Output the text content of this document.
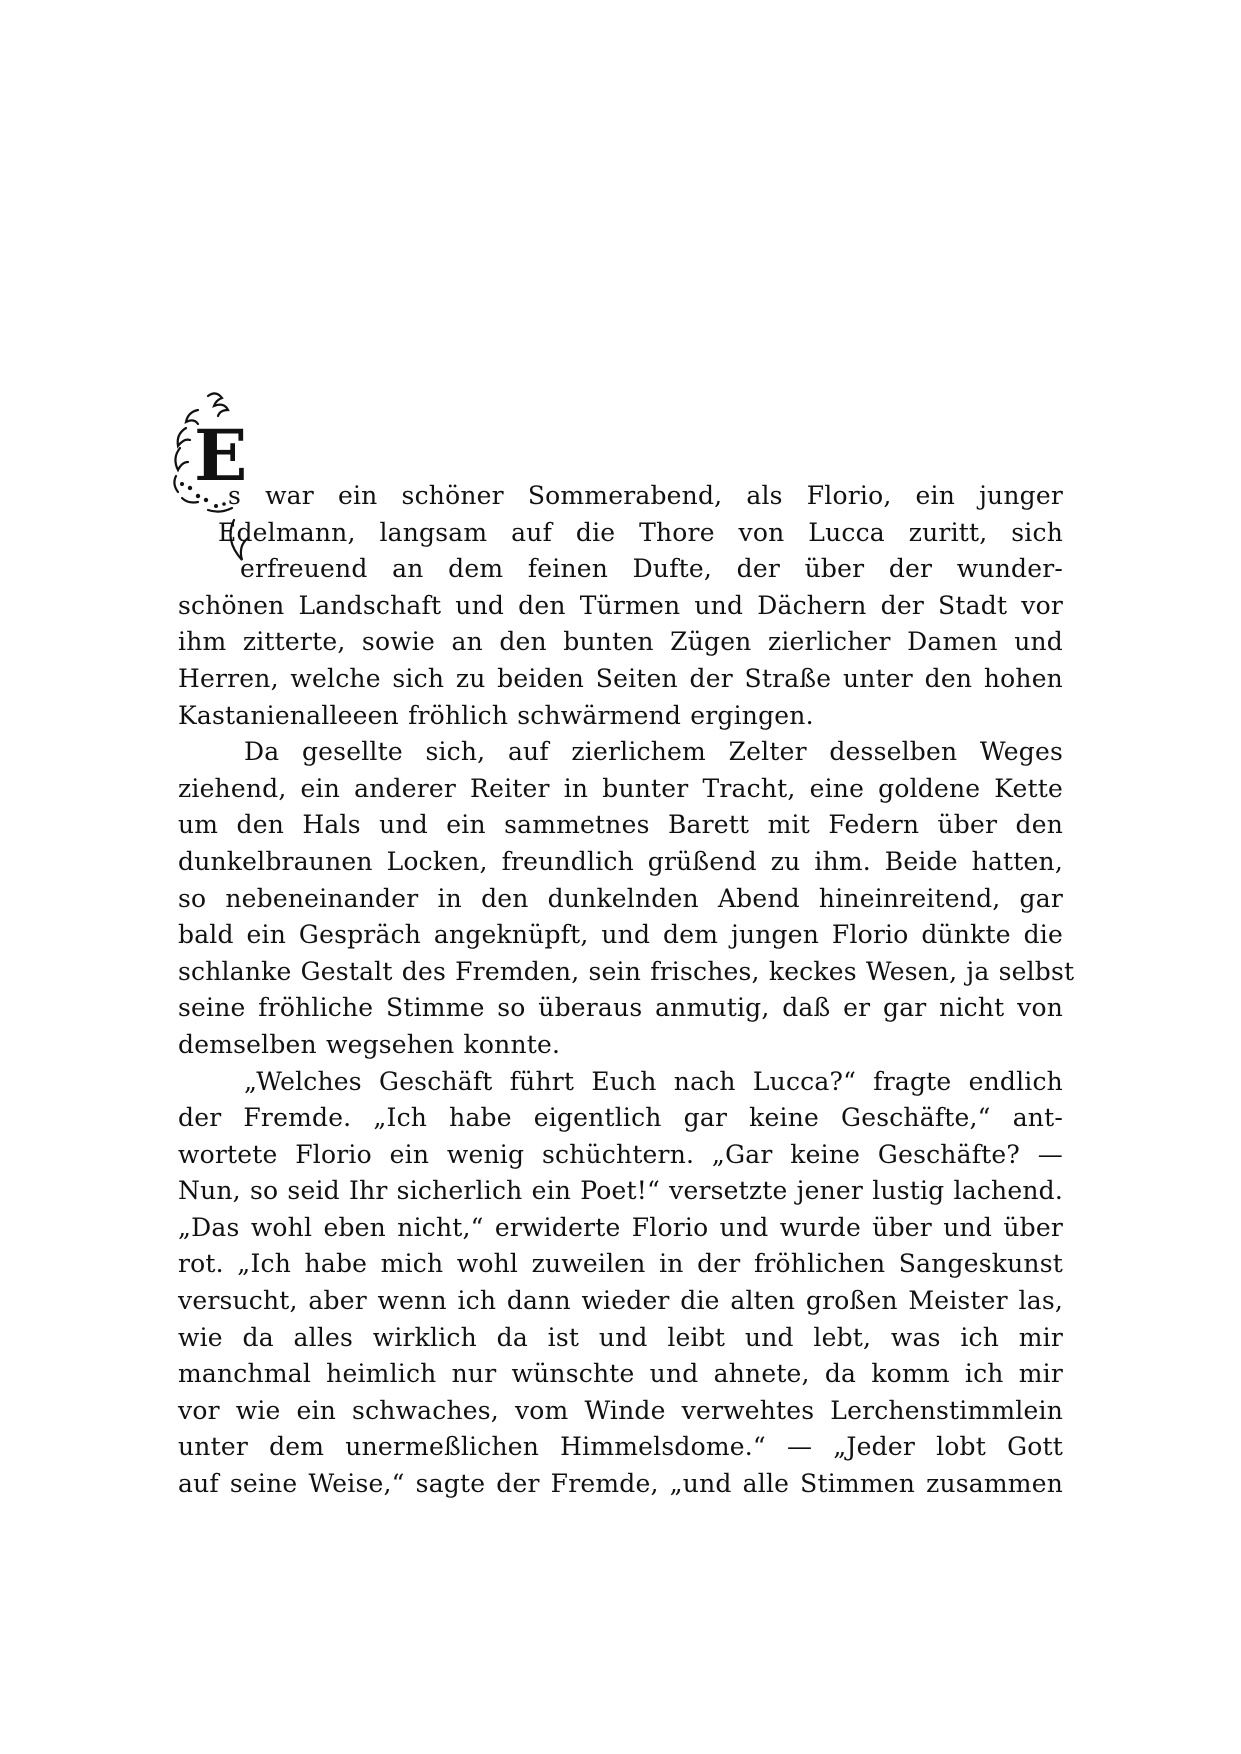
E
s war ein schöner Sommerabend, als Florio, ein junger
Edelmann, langsam auf die Thore von Lucca zuritt, sich
erfreuend an dem feinen Dufte, der über der wunder-
schönen Landschaft und den Türmen und Dächern der Stadt vor
ihm zitterte, sowie an den bunten Zügen zierlicher Damen und
Herren, welche sich zu beiden Seiten der Straße unter den hohen
Kastanienalleeen fröhlich schwärmend ergingen.
Da gesellte sich, auf zierlichem Zelter desselben Weges
ziehend, ein anderer Reiter in bunter Tracht, eine goldene Kette
um den Hals und ein sammetnes Barett mit Federn über den
dunkelbraunen Locken, freundlich grüßend zu ihm. Beide hatten,
so nebeneinander in den dunkelnden Abend hineinreitend, gar
bald ein Gespräch angeknüpft, und dem jungen Florio dünkte die
schlanke Gestalt des Fremden, sein frisches, keckes Wesen, ja selbst
seine fröhliche Stimme so überaus anmutig, daß er gar nicht von
demselben wegsehen konnte.
„Welches Geschäft führt Euch nach Lucca?“ fragte endlich
der Fremde. „Ich habe eigentlich gar keine Geschäfte,“ ant-
wortete Florio ein wenig schüchtern. „Gar keine Geschäfte? —
Nun, so seid Ihr sicherlich ein Poet!“ versetzte jener lustig lachend.
„Das wohl eben nicht,“ erwiderte Florio und wurde über und über
rot. „Ich habe mich wohl zuweilen in der fröhlichen Sangeskunst
versucht, aber wenn ich dann wieder die alten großen Meister las,
wie da alles wirklich da ist und leibt und lebt, was ich mir
manchmal heimlich nur wünschte und ahnete, da komm ich mir
vor wie ein schwaches, vom Winde verwehtes Lerchenstimmlein
unter dem unermeßlichen Himmelsdome.“ — „Jeder lobt Gott
auf seine Weise,“ sagte der Fremde, „und alle Stimmen zusammen
